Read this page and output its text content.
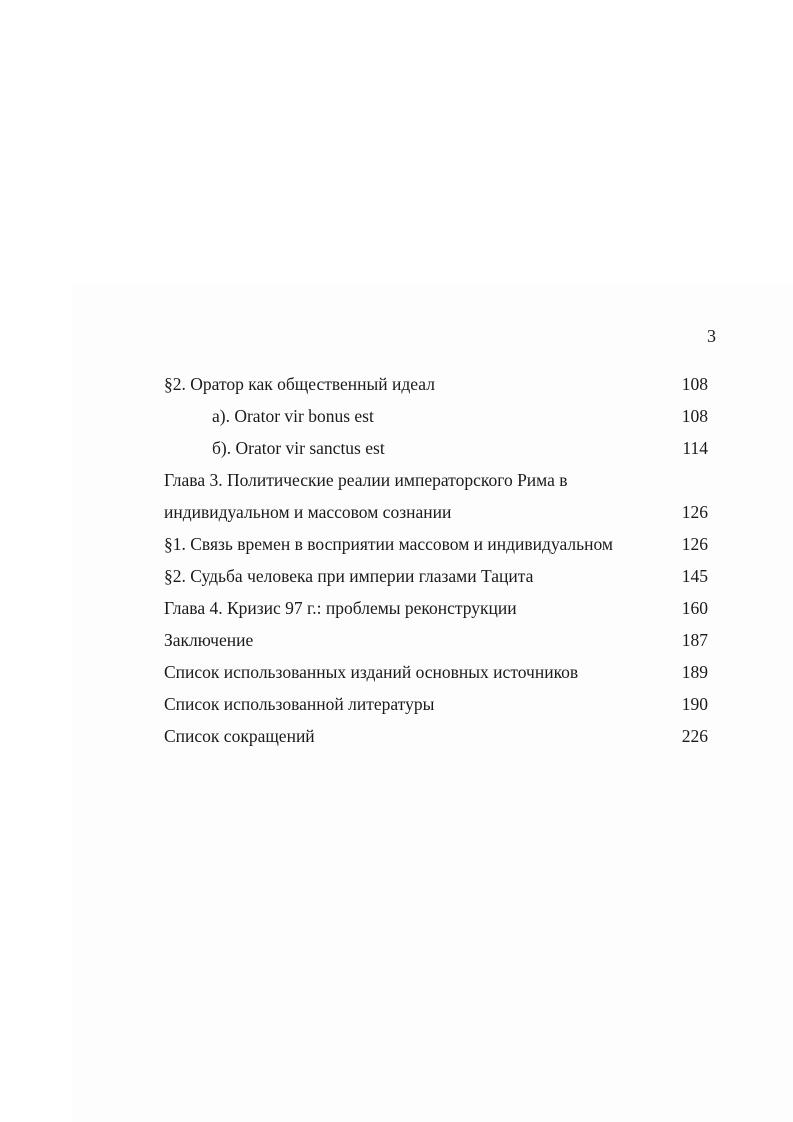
3
§2. Оратор как общественный идеал	108
а). Orator vir bonus est	108
б). Orator vir sanctus est	114
Глава 3. Политические реалии императорского Рима в
индивидуальном и массовом сознании	126
§1. Связь времен в восприятии массовом и индивидуальном	126
§2. Судьба человека при империи глазами Тацита	145
Глава 4. Кризис 97 г.: проблемы реконструкции	160
Заключение	187
Список использованных изданий основных источников	189
Список использованной литературы	190
Список сокращений	226
